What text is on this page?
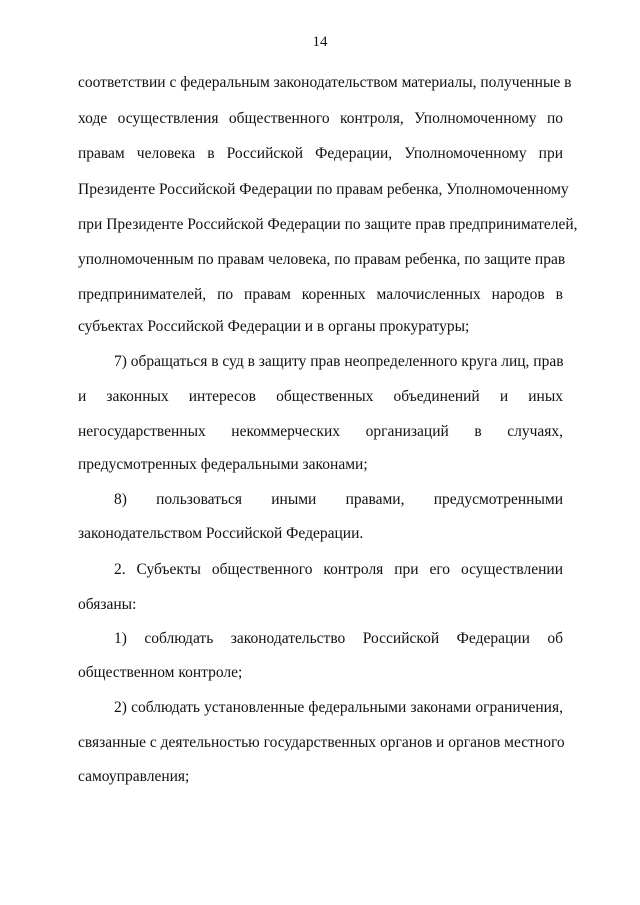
14
соответствии с федеральным законодательством материалы, полученные в
ходе осуществления общественного контроля, Уполномоченному по
правам человека в Российской Федерации, Уполномоченному при
Президенте Российской Федерации по правам ребенка, Уполномоченному
при Президенте Российской Федерации по защите прав предпринимателей,
уполномоченным по правам человека, по правам ребенка, по защите прав
предпринимателей, по правам коренных малочисленных народов в
субъектах Российской Федерации и в органы прокуратуры;
7) обращаться в суд в защиту прав неопределенного круга лиц, прав
и законных интересов общественных объединений и иных
негосударственных некоммерческих организаций в случаях,
предусмотренных федеральными законами;
8) пользоваться иными правами, предусмотренными
законодательством Российской Федерации.
2. Субъекты общественного контроля при его осуществлении
обязаны:
1) соблюдать законодательство Российской Федерации об
общественном контроле;
2) соблюдать установленные федеральными законами ограничения,
связанные с деятельностью государственных органов и органов местного
самоуправления;
